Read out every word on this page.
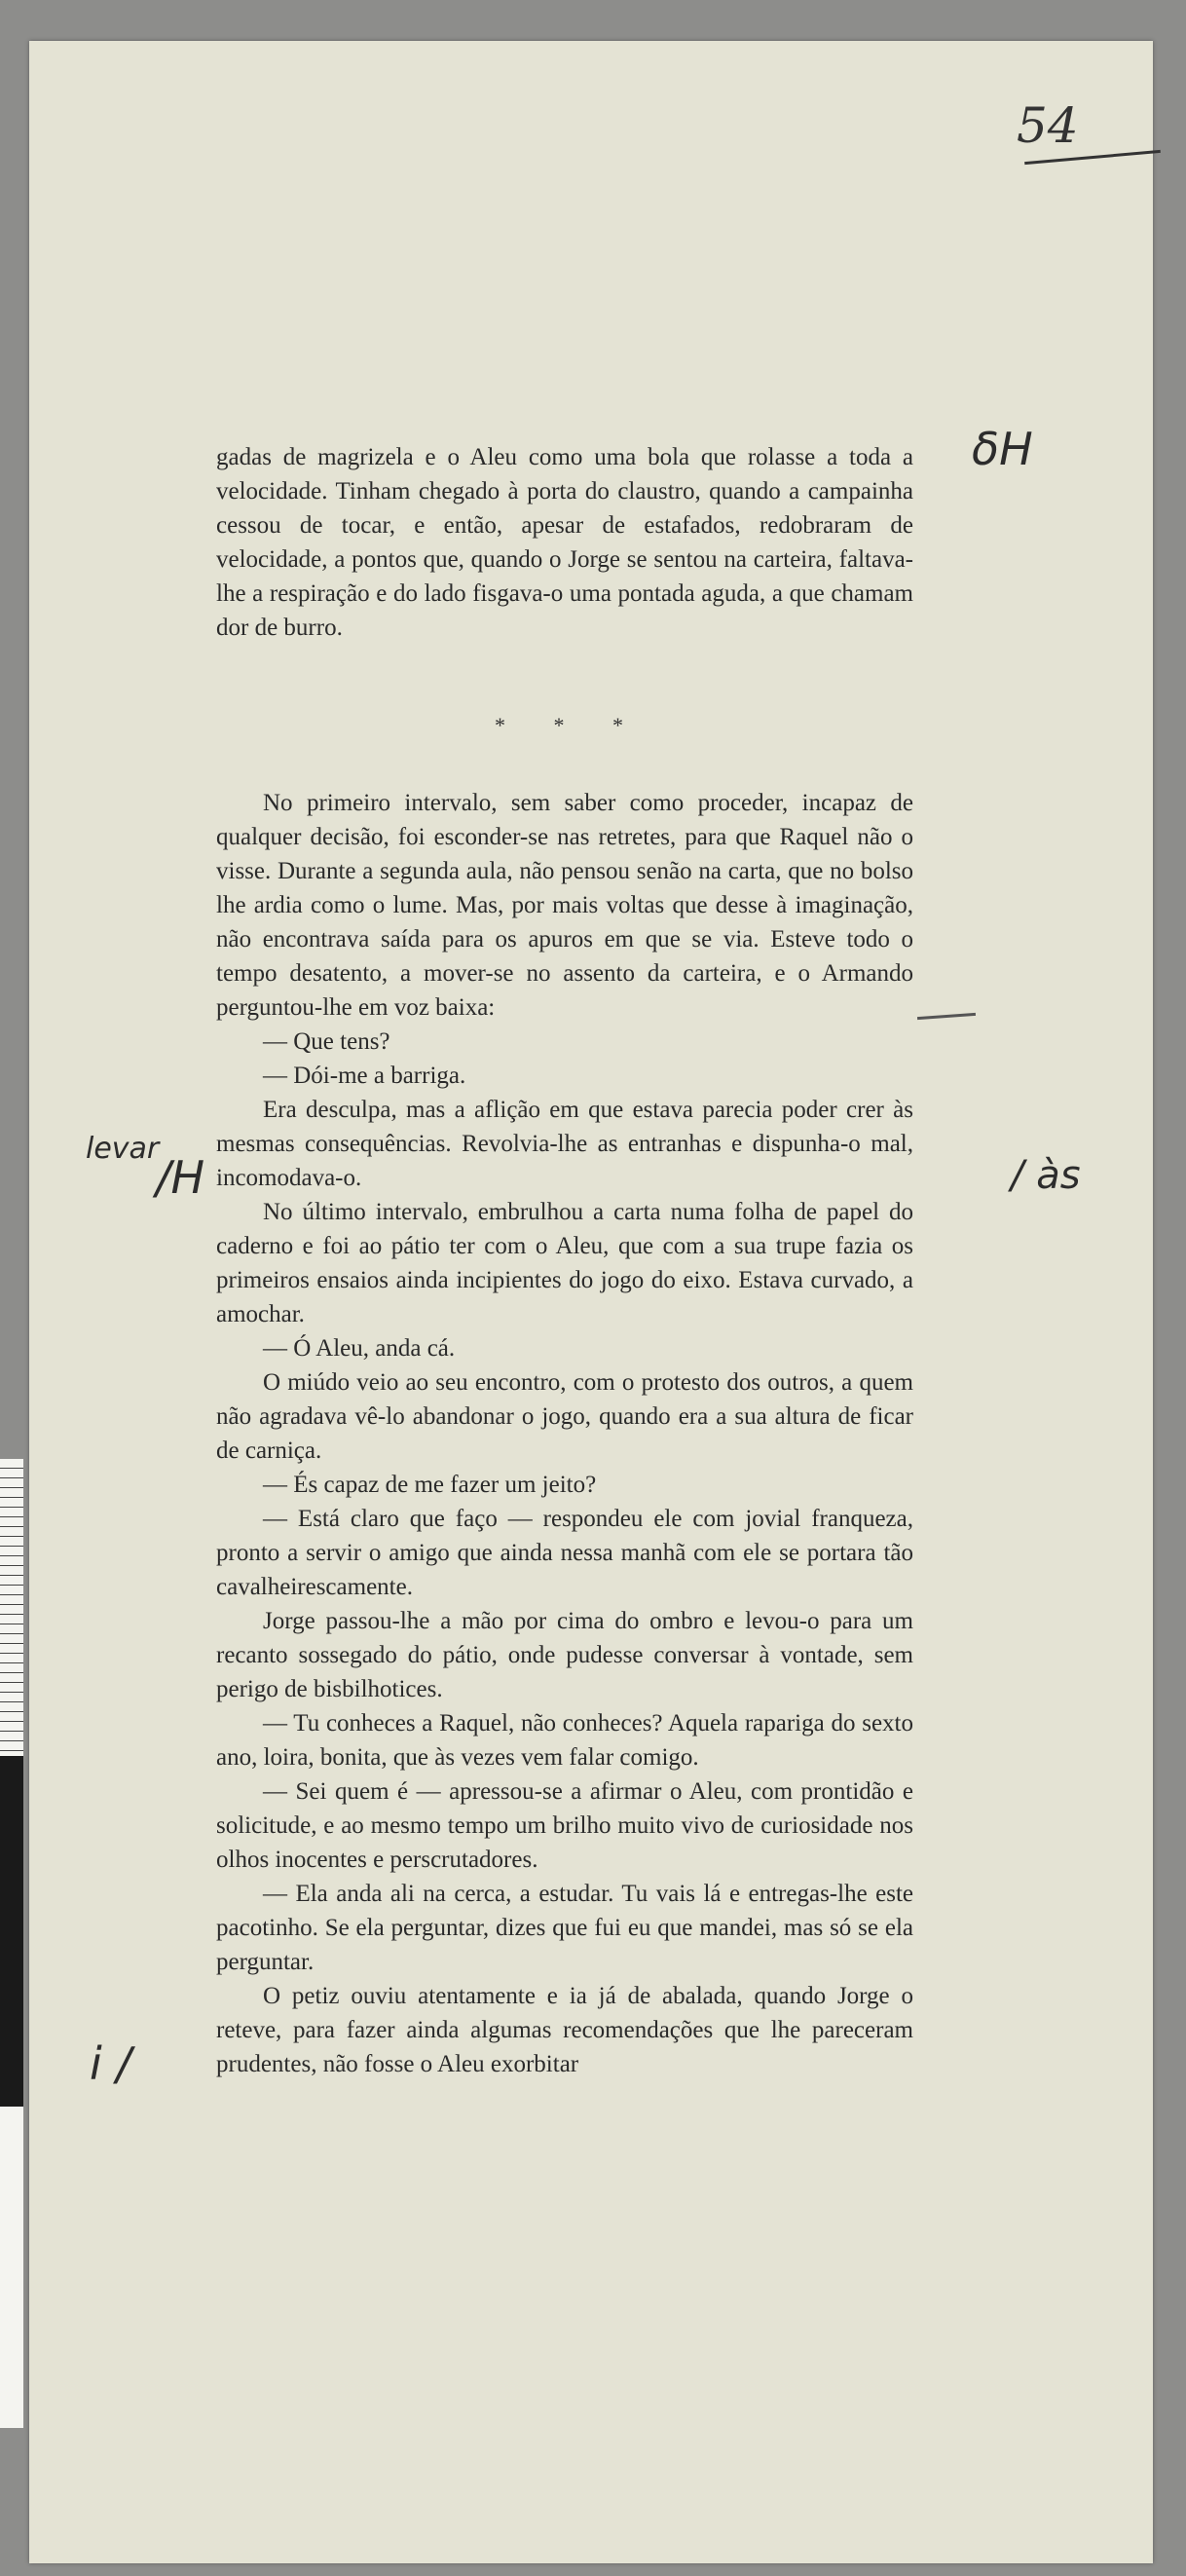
54

gadas de magrizela e o Aleu como uma bola que rolasse a toda a velocidade. Tinham chegado à porta do claustro, quando a campainha cessou de tocar, e então, apesar de estafados, redobraram de velocidade, a pontos que, quando o Jorge se sentou na carteira, faltava-lhe a respiração e do lado fisgava-o uma pontada aguda, a que chamam dor de burro.

* * *

No primeiro intervalo, sem saber como proceder, incapaz de qualquer decisão, foi esconder-se nas retretes, para que Raquel não o visse. Durante a segunda aula, não pensou senão na carta, que no bolso lhe ardia como o lume. Mas, por mais voltas que desse à imaginação, não encontrava saída para os apuros em que se via. Esteve todo o tempo desatento, a mover-se no assento da carteira, e o Armando perguntou-lhe em voz baixa:

— Que tens?

— Dói-me a barriga.

Era desculpa, mas a aflição em que estava parecia poder crer às mesmas consequências. Revolvia-lhe as entranhas e dispunha-o mal, incomodava-o.

No último intervalo, embrulhou a carta numa folha de papel do caderno e foi ao pátio ter com o Aleu, que com a sua trupe fazia os primeiros ensaios ainda incipientes do jogo do eixo. Estava curvado, a amochar.

— Ó Aleu, anda cá.

O miúdo veio ao seu encontro, com o protesto dos outros, a quem não agradava vê-lo abandonar o jogo, quando era a sua altura de ficar de carniça.

— És capaz de me fazer um jeito?

— Está claro que faço — respondeu ele com jovial franqueza, pronto a servir o amigo que ainda nessa manhã com ele se portara tão cavalheirescamente.

Jorge passou-lhe a mão por cima do ombro e levou-o para um recanto sossegado do pátio, onde pudesse conversar à vontade, sem perigo de bisbilhotices.

— Tu conheces a Raquel, não conheces? Aquela rapariga do sexto ano, loira, bonita, que às vezes vem falar comigo.

— Sei quem é — apressou-se a afirmar o Aleu, com prontidão e solicitude, e ao mesmo tempo um brilho muito vivo de curiosidade nos olhos inocentes e perscrutadores.

— Ela anda ali na cerca, a estudar. Tu vais lá e entregas-lhe este pacotinho. Se ela perguntar, dizes que fui eu que mandei, mas só se ela perguntar.

O petiz ouviu atentamente e ia já de abalada, quando Jorge o reteve, para fazer ainda algumas recomendações que lhe pareceram prudentes, não fosse o Aleu exorbitar

δH
/ às
levar
/H
i /
